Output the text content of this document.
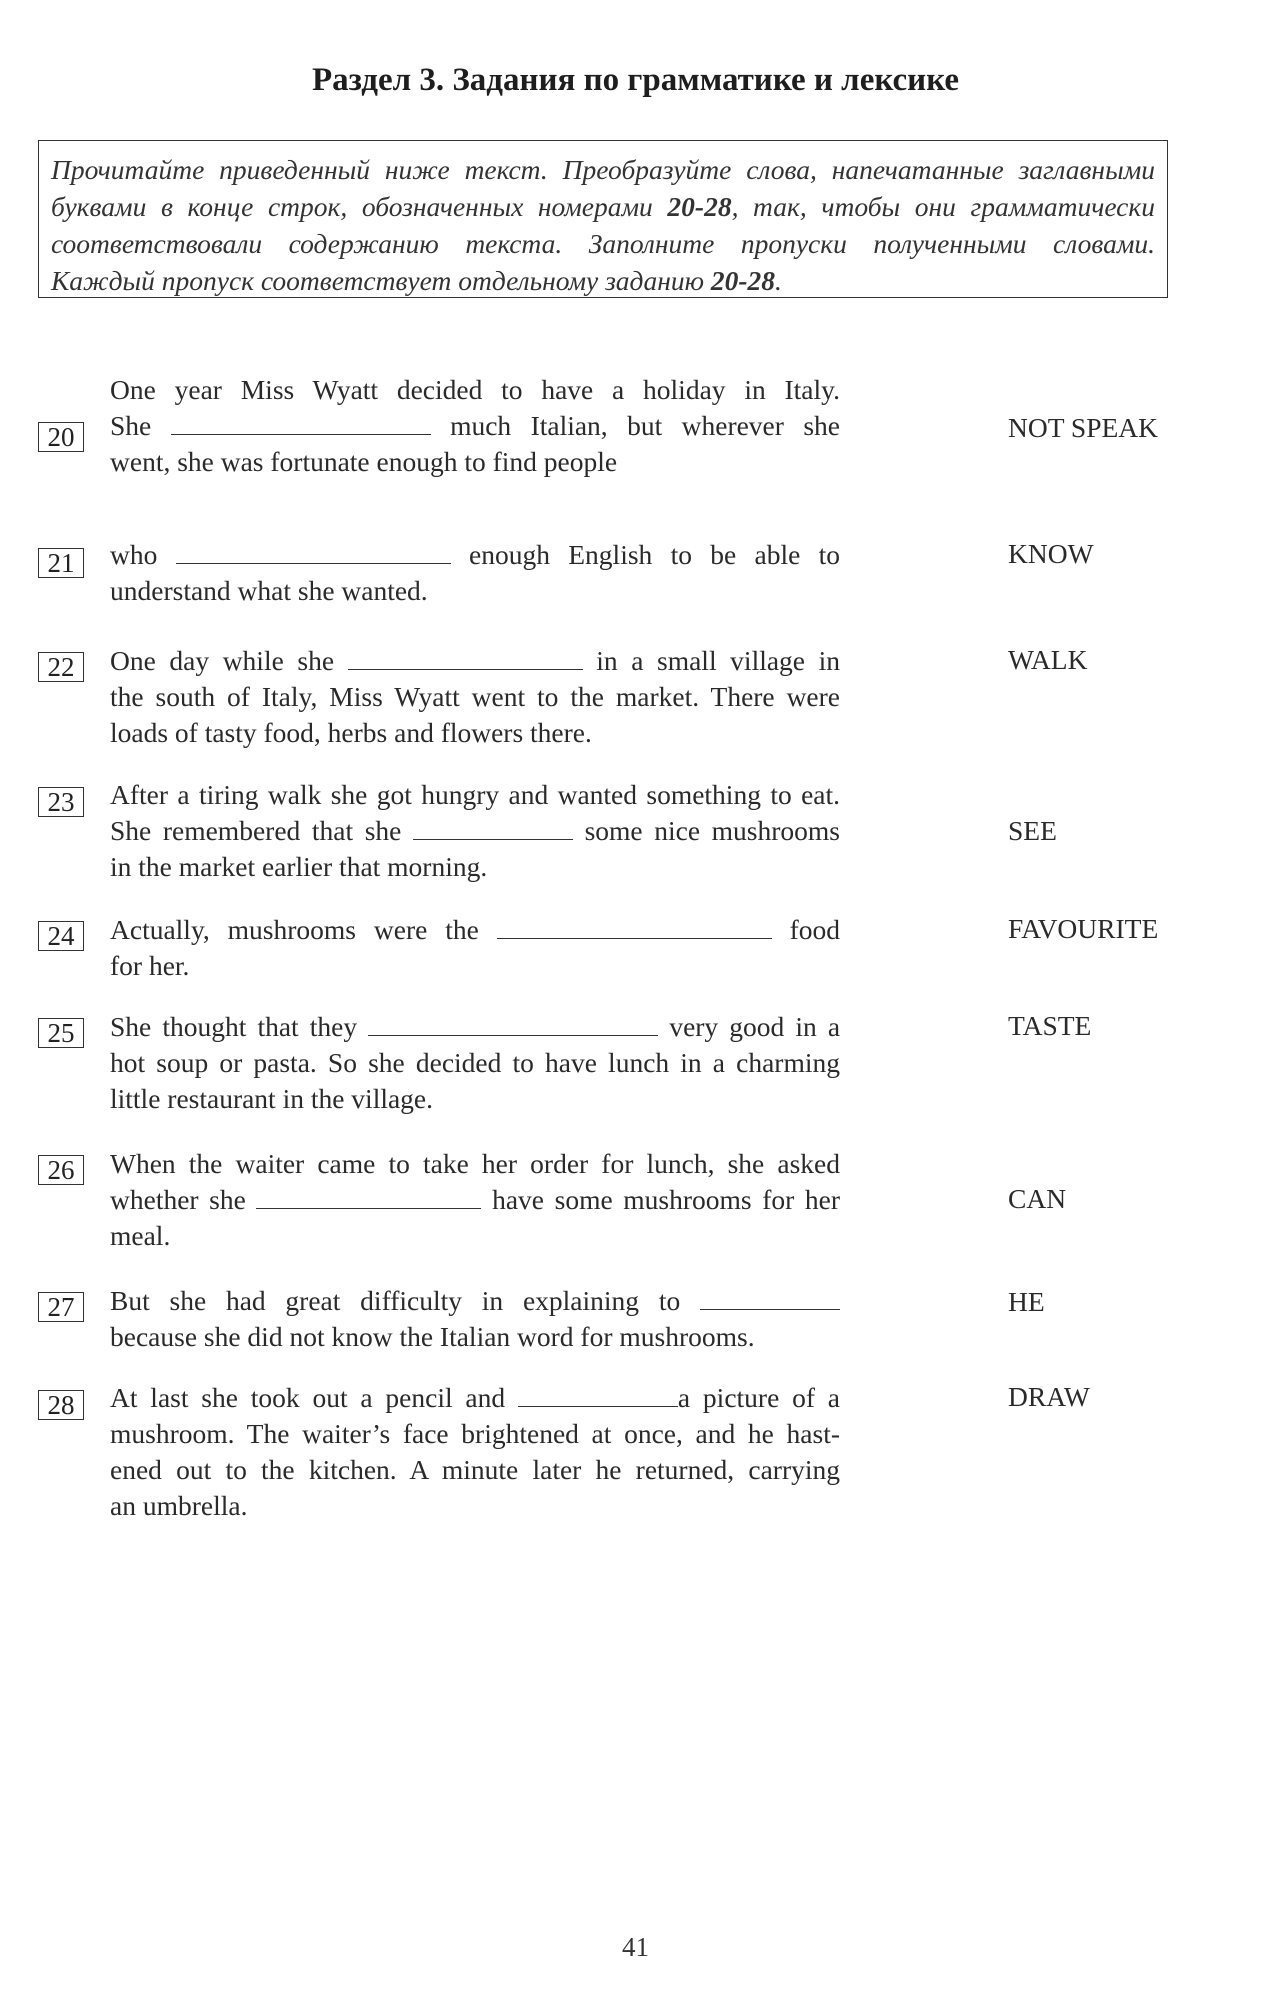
Раздел 3. Задания по грамматике и лексике
Прочитайте приведенный ниже текст. Преобразуйте слова, напечатанные заглавными
буквами в конце строк, обозначенных номерами 20-28, так, чтобы они грамматически
соответствовали содержанию текста. Заполните пропуски полученными словами.
Каждый пропуск соответствует отдельному заданию 20-28.
20
One year Miss Wyatt decided to have a holiday in Italy.
She	much Italian, but wherever she
went, she was fortunate enough to find people
NOT SPEAK
21	who	enough English to be able to
understand what she wanted.
KNOW
22	One day while she	in a small village in
the south of Italy, Miss Wyatt went to the market. There were
loads of tasty food, herbs and flowers there.
WALK
23	After a tiring walk she got hungry and wanted something to eat.
She remembered that she	some nice mushrooms
in the market earlier that morning.
SEE
24	Actually, mushrooms were the	food
for her.
FAVOURITE
25	She thought that they	very good in a
hot soup or pasta. So she decided to have lunch in a charming
little restaurant in the village.
TASTE
26	When the waiter came to take her order for lunch, she asked
whether she	have some mushrooms for her
meal.
CAN
27	But she had great difficulty in explaining to
because she did not know the Italian word for mushrooms.
HE
28	At last she took out a pencil and	a picture of a
mushroom. The waiter’s face brightened at once, and he hast-
ened out to the kitchen. A minute later he returned, carrying
an umbrella.
DRAW
41
